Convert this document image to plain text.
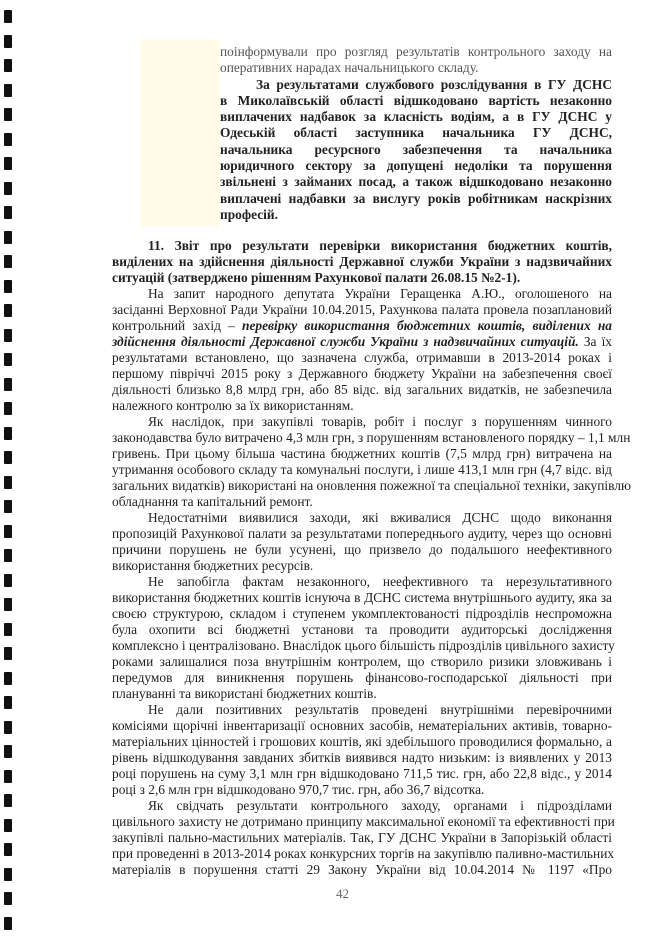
поінформували про розгляд результатів контрольного заходу на
оперативних нарадах начальницького складу.
За результатами службового розслідування в ГУ ДСНС
в Миколаївській області відшкодовано вартість незаконно
виплачених надбавок за класність водіям, а в ГУ ДСНС у
Одеській області заступника начальника ГУ ДСНС,
начальника ресурсного забезпечення та начальника
юридичного сектору за допущені недоліки та порушення
звільнені з займаних посад, а також відшкодовано незаконно
виплачені надбавки за вислугу років робітникам наскрізних
професій.
11. Звіт про результати перевірки використання бюджетних коштів,
виділених на здійснення діяльності Державної служби України з надзвичайних
ситуацій (затверджено рішенням Рахункової палати 26.08.15 №2-1).
На запит народного депутата України Геращенка А.Ю., оголошеного на
засіданні Верховної Ради України 10.04.2015, Рахункова палата провела позаплановий
контрольний захід – перевірку використання бюджетних коштів, виділених на
здійснення діяльності Державної служби України з надзвичайних ситуацій. За їх
результатами встановлено, що зазначена служба, отримавши в 2013-2014 роках і
першому півріччі 2015 року з Державного бюджету України на забезпечення своєї
діяльності близько 8,8 млрд грн, або 85 відс. від загальних видатків, не забезпечила
належного контролю за їх використанням.
Як наслідок, при закупівлі товарів, робіт і послуг з порушенням чинного
законодавства було витрачено 4,3 млн грн, з порушенням встановленого порядку – 1,1 млн
гривень. При цьому більша частина бюджетних коштів (7,5 млрд грн) витрачена на
утримання особового складу та комунальні послуги, і лише 413,1 млн грн (4,7 відс. від
загальних видатків) використані на оновлення пожежної та спеціальної техніки, закупівлю
обладнання та капітальний ремонт.
Недостатніми виявилися заходи, які вживалися ДСНС щодо виконання
пропозицій Рахункової палати за результатами попереднього аудиту, через що основні
причини порушень не були усунені, що призвело до подальшого неефективного
використання бюджетних ресурсів.
Не запобігла фактам незаконного, неефективного та нерезультативного
використання бюджетних коштів існуюча в ДСНС система внутрішнього аудиту, яка за
своєю структурою, складом і ступенем укомплектованості підрозділів неспроможна
була охопити всі бюджетні установи та проводити аудиторські дослідження
комплексно і централізовано. Внаслідок цього більшість підрозділів цивільного захисту
роками залишалися поза внутрішнім контролем, що створило ризики зловживань і
передумов для виникнення порушень фінансово-господарської діяльності при
плануванні та використані бюджетних коштів.
Не дали позитивних результатів проведені внутрішніми перевірочними
комісіями щорічні інвентаризації основних засобів, нематеріальних активів, товарно-
матеріальних цінностей і грошових коштів, які здебільшого проводилися формально, а
рівень відшкодування завданих збитків виявився надто низьким: із виявлених у 2013
році порушень на суму 3,1 млн грн відшкодовано 711,5 тис. грн, або 22,8 відс., у 2014
році з 2,6 млн грн відшкодовано 970,7 тис. грн, або 36,7 відсотка.
Як свідчать результати контрольного заходу, органами і підрозділами
цивільного захисту не дотримано принципу максимальної економії та ефективності при
закупівлі пально-мастильних матеріалів. Так, ГУ ДСНС України в Запорізькій області
при проведенні в 2013-2014 роках конкурсних торгів на закупівлю паливно-мастильних
матеріалів в порушення статті 29 Закону України від 10.04.2014 № 1197 «Про
42
